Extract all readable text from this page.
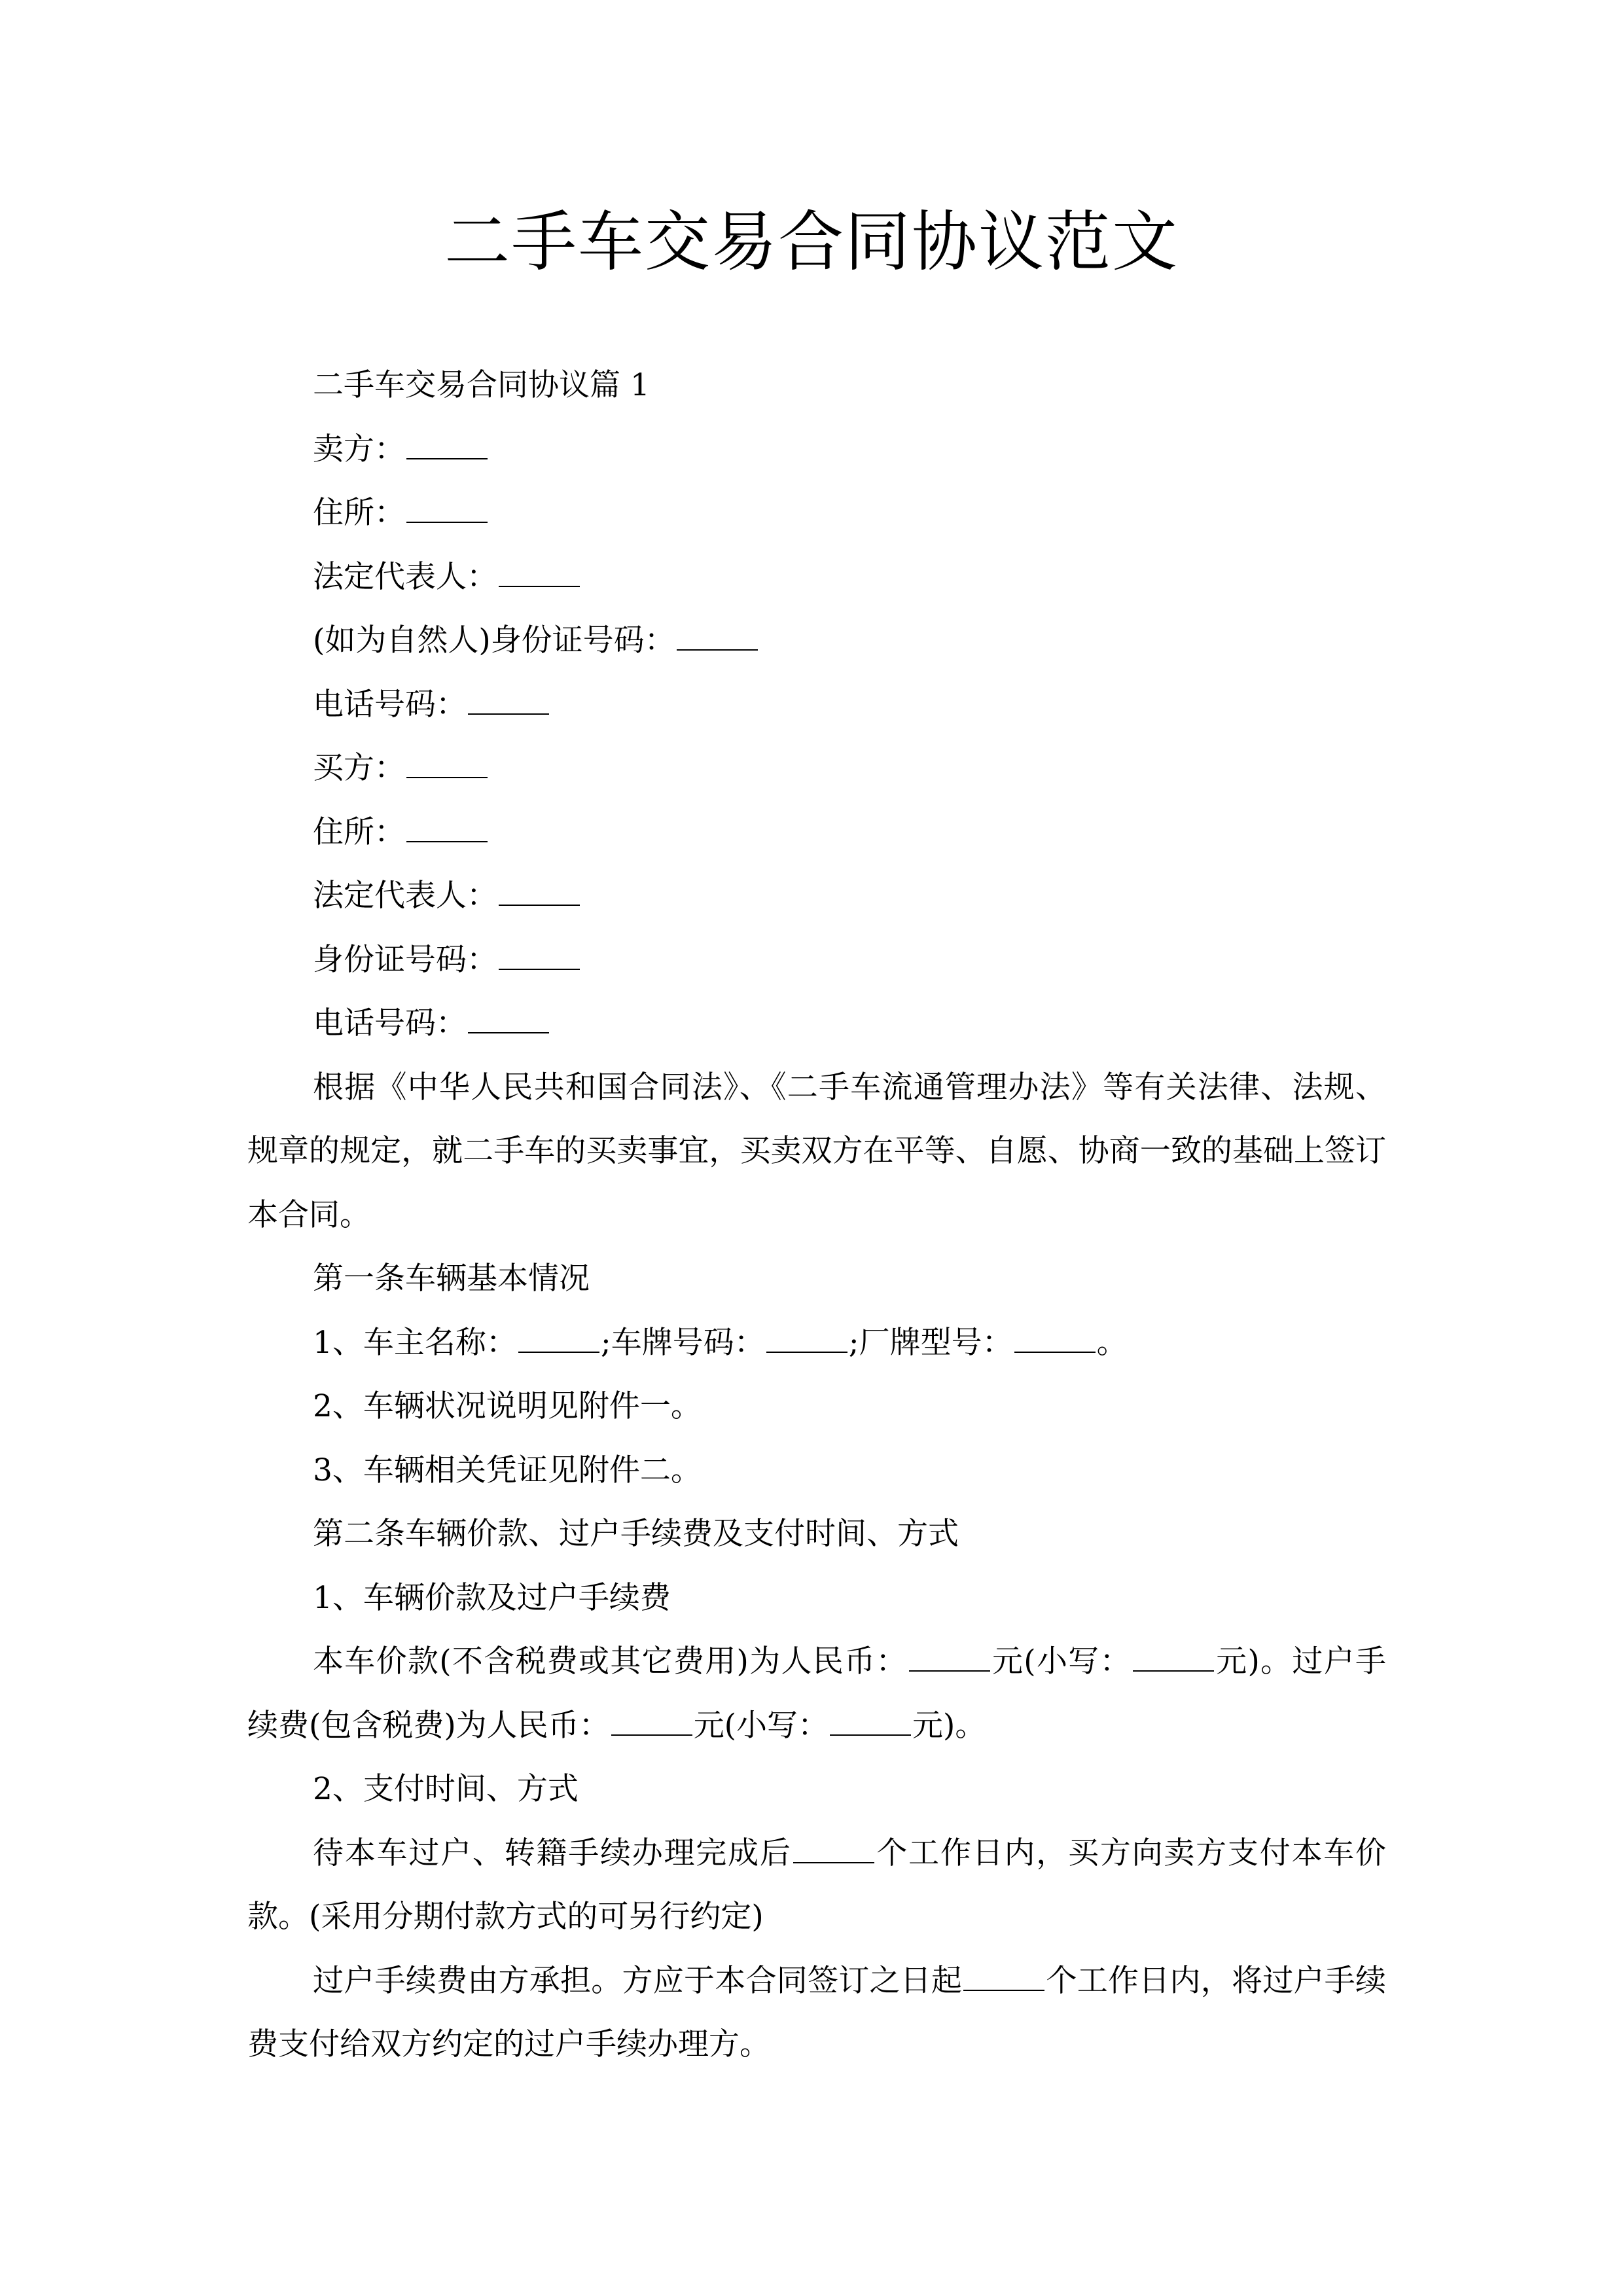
二手车交易合同协议范文

二手车交易合同协议篇 1

卖方：

住所：

法定代表人：

(如为自然人)身份证号码：

电话号码：

买方：

住所：

法定代表人：

身份证号码：

电话号码：

根据《中华人民共和国合同法》、《二手车流通管理办法》等有关法律、法规、规章的规定，就二手车的买卖事宜，买卖双方在平等、自愿、协商一致的基础上签订本合同。

第一条车辆基本情况

1、车主名称：	;车牌号码：	;厂牌型号：	。

2、车辆状况说明见附件一。

3、车辆相关凭证见附件二。

第二条车辆价款、过户手续费及支付时间、方式

1、车辆价款及过户手续费

本车价款(不含税费或其它费用)为人民币：	元(小写：	元)。过户手续费(包含税费)为人民币：	元(小写：	元)。

2、支付时间、方式

待本车过户、转籍手续办理完成后	个工作日内，买方向卖方支付本车价款。(采用分期付款方式的可另行约定)

过户手续费由方承担。方应于本合同签订之日起	个工作日内，将过户手续费支付给双方约定的过户手续办理方。
